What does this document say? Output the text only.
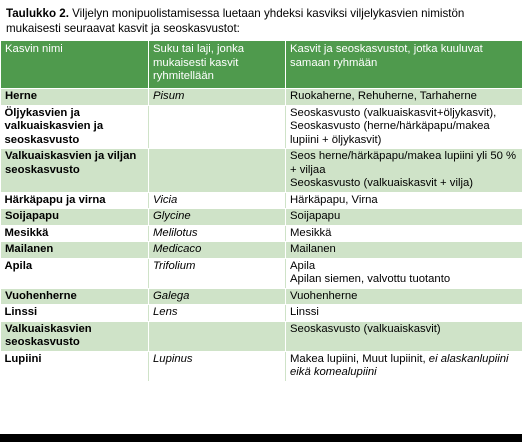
Taulukko 2. Viljelyn monipuolistamisessa luetaan yhdeksi kasviksi viljelykasvien nimistön mukaisesti seuraavat kasvit ja seoskasvustot:
Kasvin nimi	Suku tai laji, jonka mukaisesti kasvit ryhmitellään	Kasvit ja seoskasvustot, jotka kuuluvat samaan ryhmään
Herne	Pisum	Ruokaherne, Rehuherne, Tarhaherne

Öljykasvien ja valkuaiskasvien ja seoskasvusto		Seoskasvusto (valkuaiskasvit+öljykasvit),
Seoskasvusto (herne/härkäpapu/makea lupiini + öljykasvit)

Valkuaiskasvien ja viljan seoskasvusto		Seos herne/härkäpapu/makea lupiini yli 50 % + viljaa
Seoskasvusto (valkuaiskasvit + vilja)

Härkäpapu ja virna	Vicia	Härkäpapu, Virna

Soijapapu	Glycine	Soijapapu

Mesikkä	Melilotus	Mesikkä

Mailanen	Medicaco	Mailanen

Apila	Trifolium	Apila
Apilan siemen, valvottu tuotanto

Vuohenherne	Galega	Vuohenherne

Linssi	Lens	Linssi

Valkuaiskasvien seoskasvusto		Seoskasvusto (valkuaiskasvit)

Lupiini	Lupinus	Makea lupiini, Muut lupiinit, ei alaskanlupiini eikä komealupiini
